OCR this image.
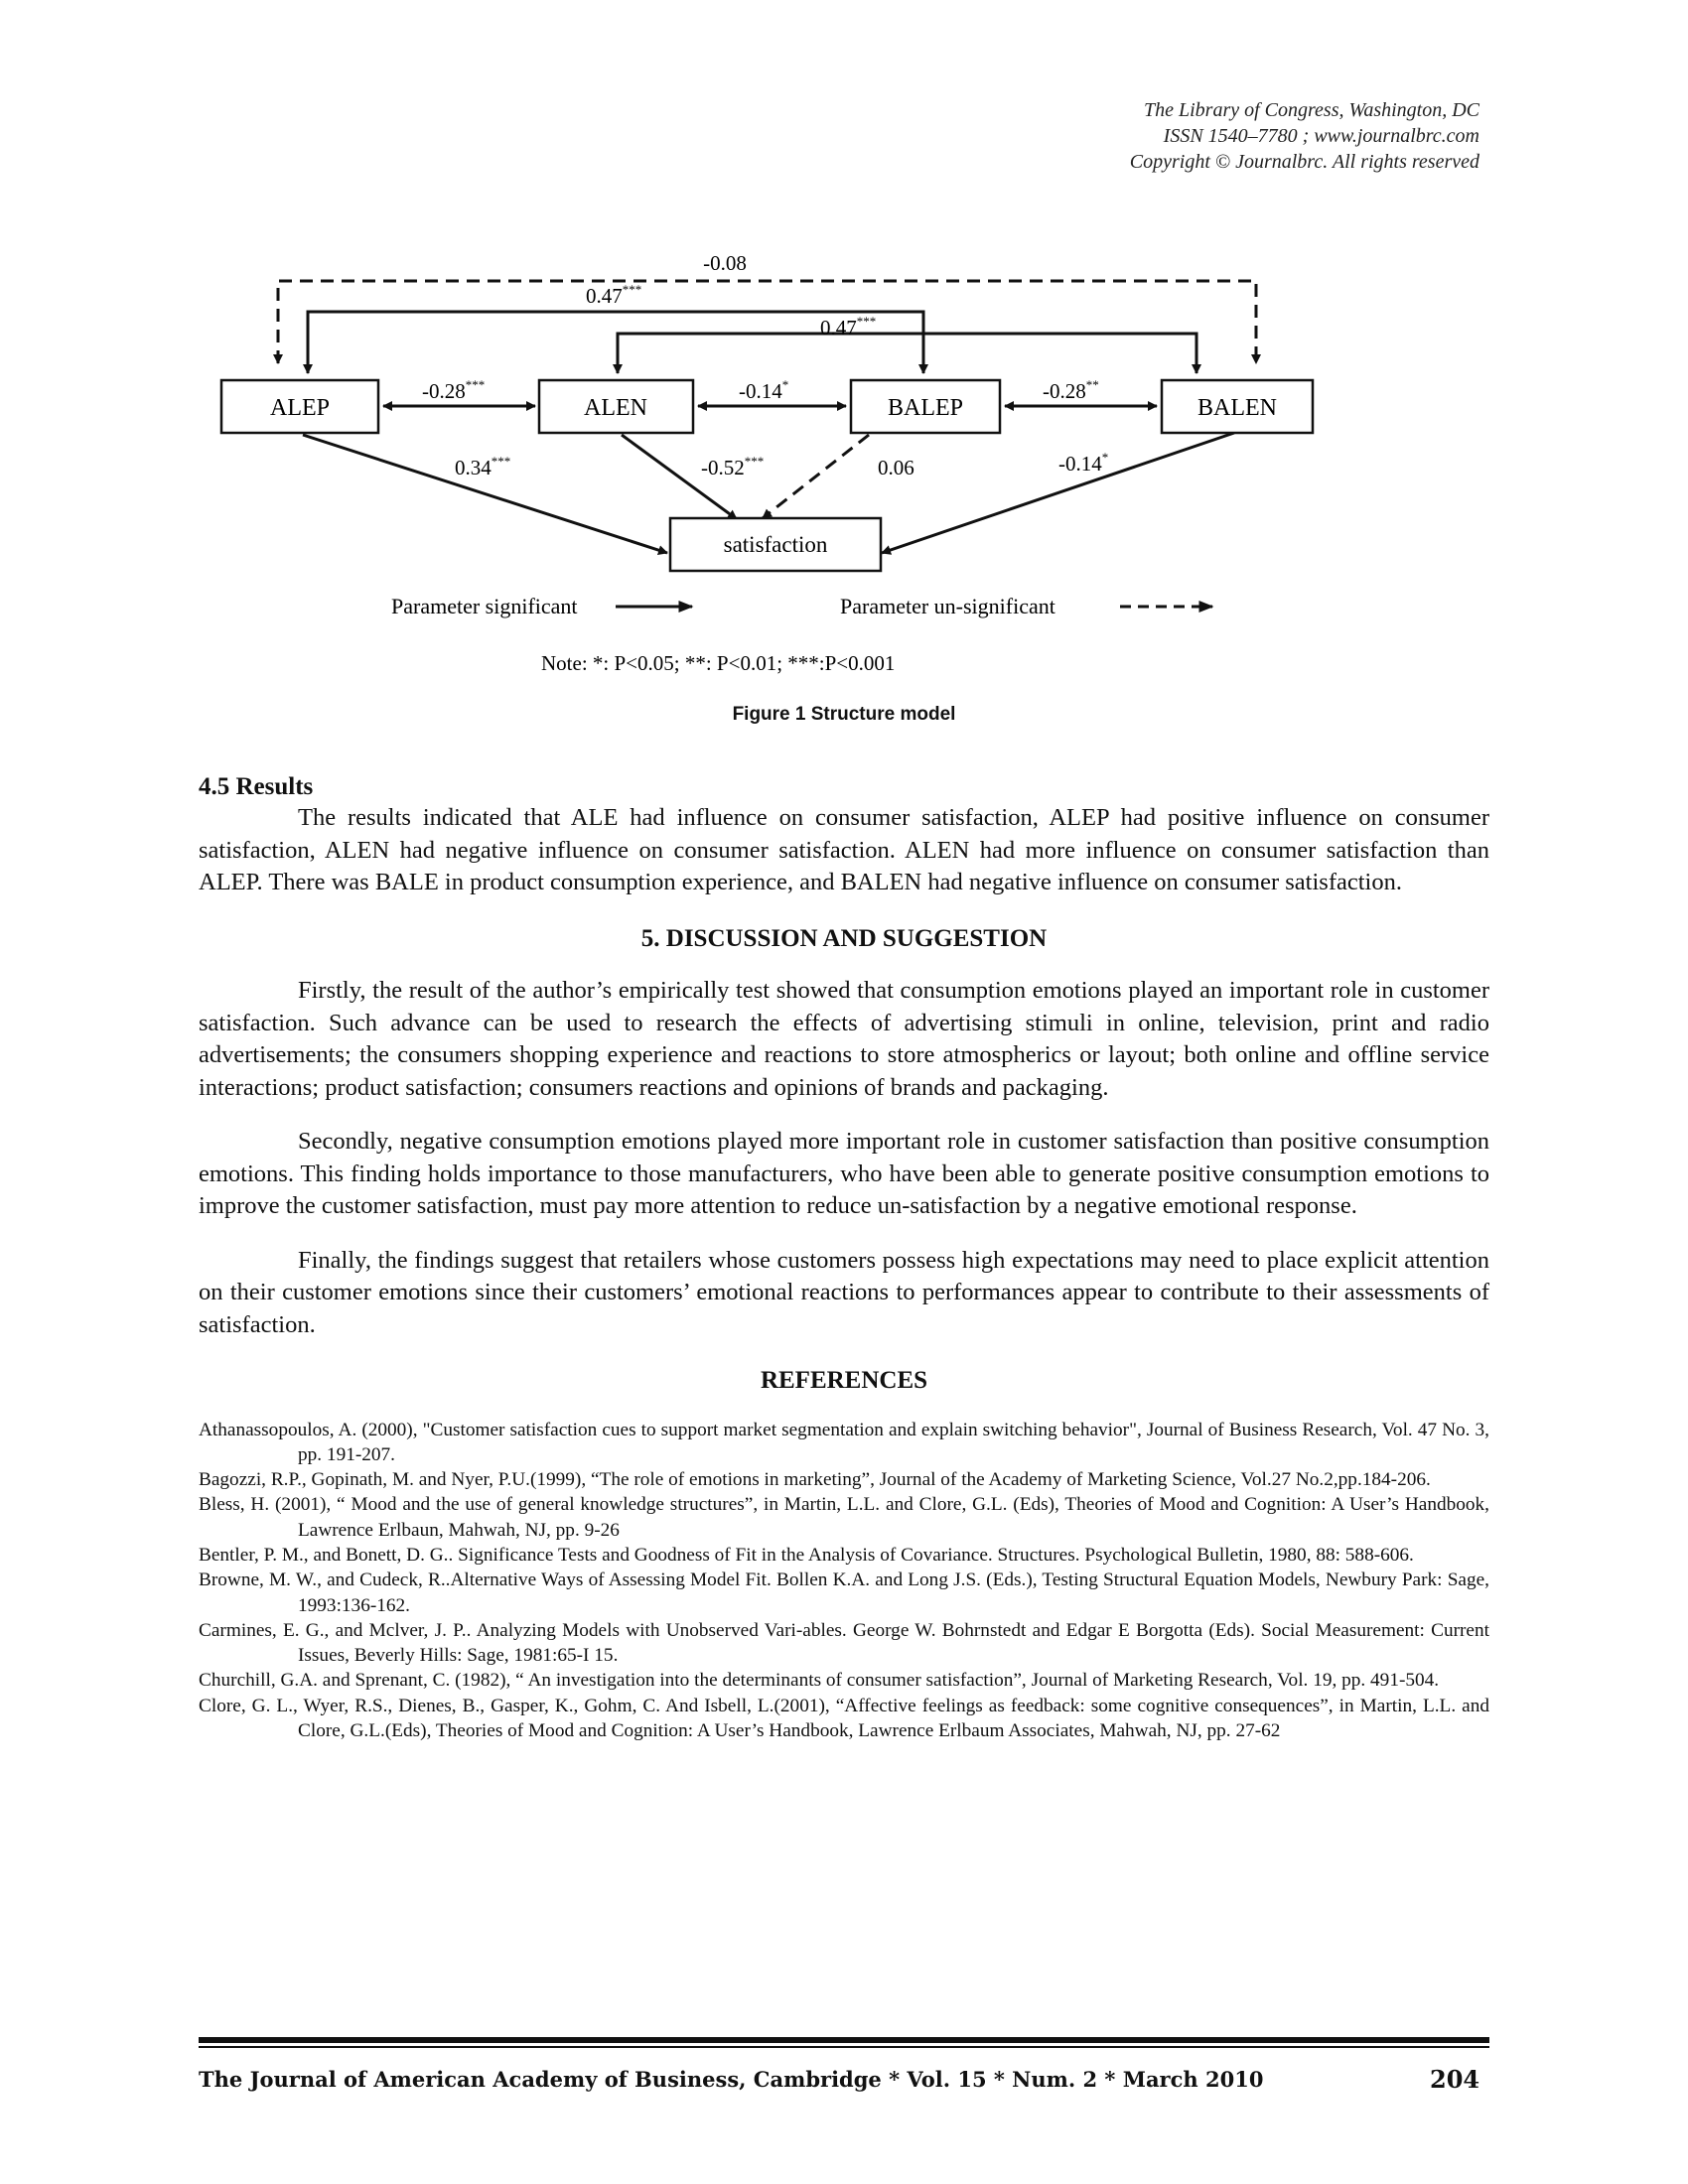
The Library of Congress, Washington, DC
ISSN 1540–7780 ; www.journalbrc.com
Copyright © Journalbrc. All rights reserved
ALEP	ALEN	BALEP	BALEN
satisfaction
-0.08
0.47***
0.47***
-0.28***	-0.14*	-0.28**
0.34***	-0.52***	0.06	-0.14*
Parameter significant	Parameter un-significant
Note: *: P<0.05; **: P<0.01; ***:P<0.001
Figure 1 Structure model
4.5 Results

The results indicated that ALE had influence on consumer satisfaction, ALEP had positive influence on consumer satisfaction, ALEN had negative influence on consumer satisfaction. ALEN had more influence on consumer satisfaction than ALEP. There was BALE in product consumption experience, and BALEN had negative influence on consumer satisfaction.

5. DISCUSSION AND SUGGESTION

Firstly, the result of the author’s empirically test showed that consumption emotions played an important role in customer satisfaction. Such advance can be used to research the effects of advertising stimuli in online, television, print and radio advertisements; the consumers shopping experience and reactions to store atmospherics or layout; both online and offline service interactions; product satisfaction; consumers reactions and opinions of brands and packaging.

Secondly, negative consumption emotions played more important role in customer satisfaction than positive consumption emotions. This finding holds importance to those manufacturers, who have been able to generate positive consumption emotions to improve the customer satisfaction, must pay more attention to reduce un-satisfaction by a negative emotional response.

Finally, the findings suggest that retailers whose customers possess high expectations may need to place explicit attention on their customer emotions since their customers’ emotional reactions to performances appear to contribute to their assessments of satisfaction.

REFERENCES
Athanassopoulos, A. (2000), "Customer satisfaction cues to support market segmentation and explain switching behavior", Journal of Business Research, Vol. 47 No. 3, pp. 191-207.
Bagozzi, R.P., Gopinath, M. and Nyer, P.U.(1999), “The role of emotions in marketing”, Journal of the Academy of Marketing Science, Vol.27 No.2,pp.184-206.
Bless, H. (2001), “ Mood and the use of general knowledge structures”, in Martin, L.L. and Clore, G.L. (Eds), Theories of Mood and Cognition: A User’s Handbook, Lawrence Erlbaun, Mahwah, NJ, pp. 9-26
Bentler, P. M., and Bonett, D. G.. Significance Tests and Goodness of Fit in the Analysis of Covariance. Structures. Psychological Bulletin, 1980, 88: 588-606.
Browne, M. W., and Cudeck, R..Alternative Ways of Assessing Model Fit. Bollen K.A. and Long J.S. (Eds.), Testing Structural Equation Models, Newbury Park: Sage, 1993:136-162.
Carmines, E. G., and Mclver, J. P.. Analyzing Models with Unobserved Vari-ables. George W. Bohrnstedt and Edgar E Borgotta (Eds). Social Measurement: Current Issues, Beverly Hills: Sage, 1981:65-I 15.
Churchill, G.A. and Sprenant, C. (1982), “ An investigation into the determinants of consumer satisfaction”, Journal of Marketing Research, Vol. 19, pp. 491-504.
Clore, G. L., Wyer, R.S., Dienes, B., Gasper, K., Gohm, C. And Isbell, L.(2001), “Affective feelings as feedback: some cognitive consequences”, in Martin, L.L. and Clore, G.L.(Eds), Theories of Mood and Cognition: A User’s Handbook, Lawrence Erlbaum Associates, Mahwah, NJ, pp. 27-62
The Journal of American Academy of Business, Cambridge * Vol. 15 * Num. 2 * March 2010	204
